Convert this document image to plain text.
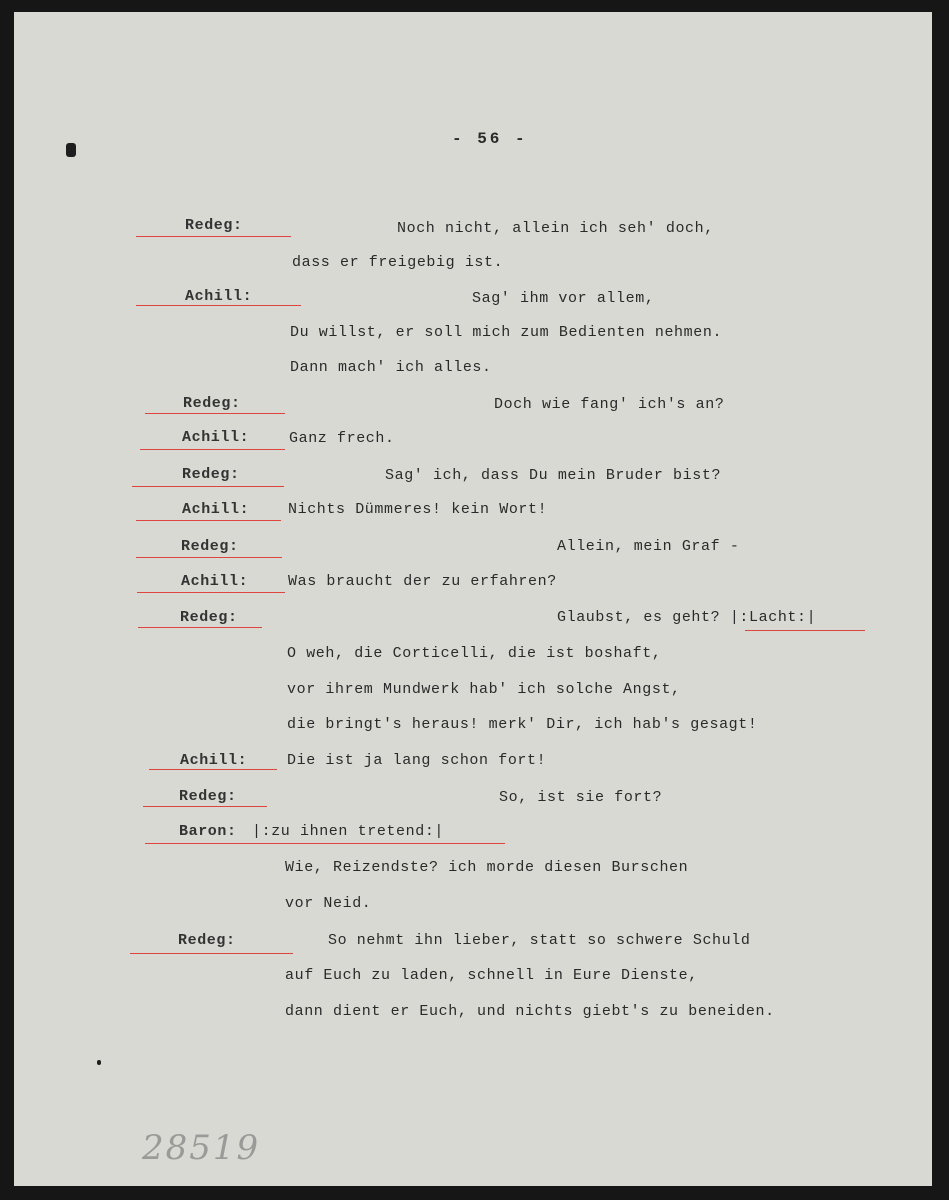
- 56 -
Redeg:
Achill:
Redeg:
Achill:
Redeg:
Achill:
Redeg:
Achill:
Redeg:
Achill:
Redeg:
Baron:
Redeg:
Noch nicht, allein ich seh' doch,
dass er freigebig ist.
Sag' ihm vor allem,
Du willst, er soll mich zum Bedienten nehmen.
Dann mach' ich alles.
Doch wie fang' ich's an?
Ganz frech.
Sag' ich, dass Du mein Bruder bist?
Nichts Dümmeres! kein Wort!
Allein, mein Graf -
Was braucht der zu erfahren?
Glaubst, es geht? |:Lacht:|
O weh, die Corticelli, die ist boshaft,
vor ihrem Mundwerk hab' ich solche Angst,
die bringt's heraus! merk' Dir, ich hab's gesagt!
Die ist ja lang schon fort!
So, ist sie fort?
|:zu ihnen tretend:|
Wie, Reizendste? ich morde diesen Burschen
vor Neid.
So nehmt ihn lieber, statt so schwere Schuld
auf Euch zu laden, schnell in Eure Dienste,
dann dient er Euch, und nichts giebt's zu beneiden.
28519
